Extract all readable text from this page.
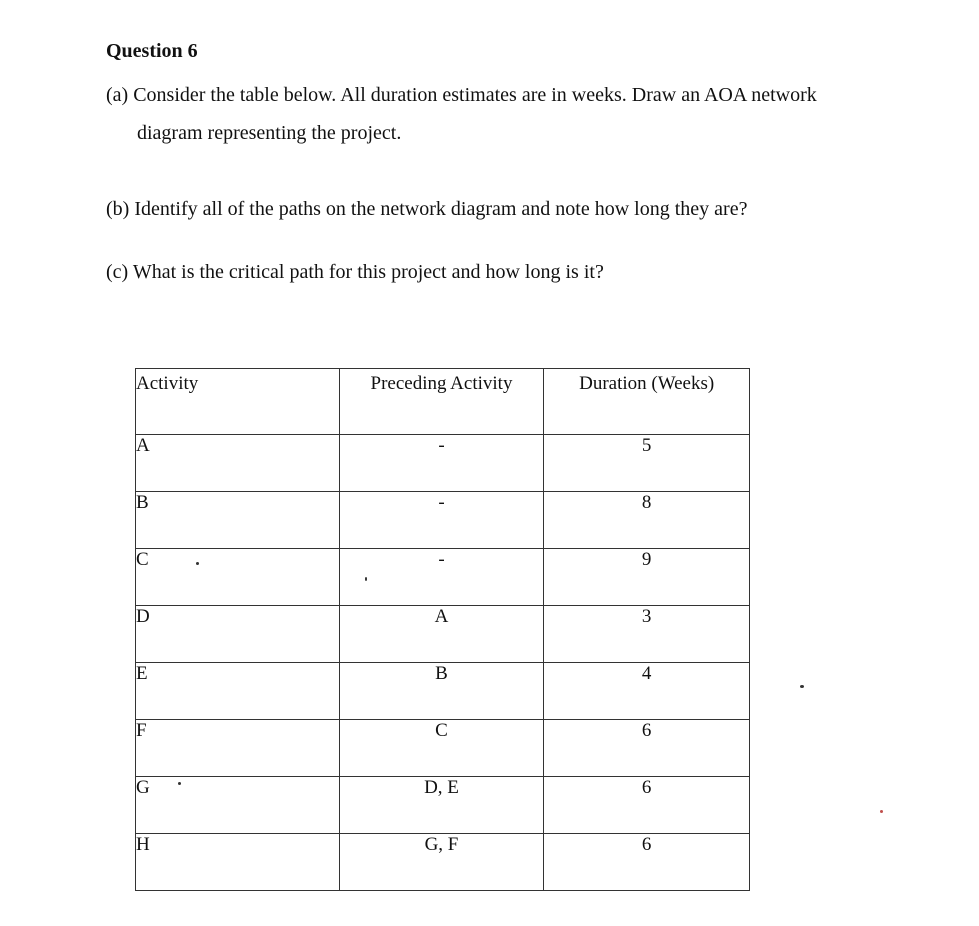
Question 6
(a) Consider the table below. All duration estimates are in weeks. Draw an AOA network
diagram representing the project.
(b) Identify all of the paths on the network diagram and note how long they are?
(c) What is the critical path for this project and how long is it?
Activity	Preceding Activity	Duration (Weeks)
A	-	5
B	-	8
C	-	9
D	A	3
E	B	4
F	C	6
G	D, E	6
H	G, F	6
